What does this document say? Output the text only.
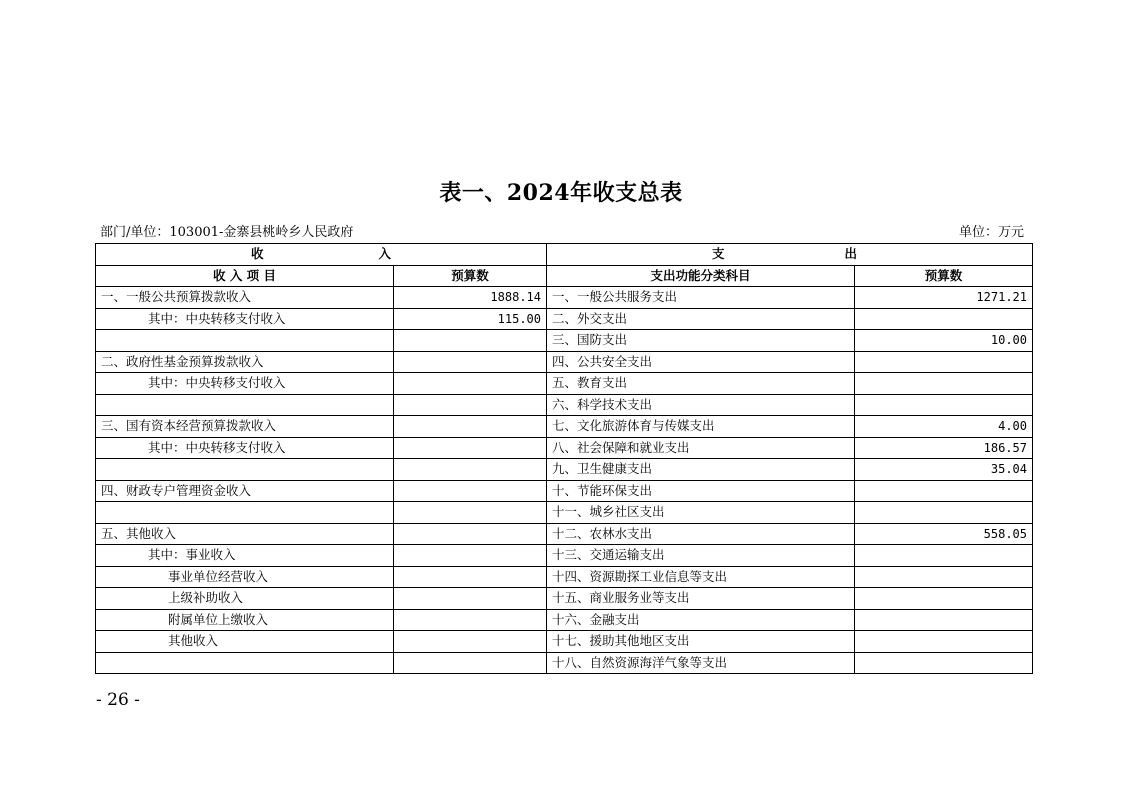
表一、2024年收支总表
部门/单位：103001-金寨县桃岭乡人民政府	单位：万元
收 入		支 出	

收 入 项 目	预算数	支出功能分类科目	预算数
一、一般公共预算拨款收入	1888.14	一、一般公共服务支出	1271.21
其中：中央转移支付收入	115.00	二、外交支出	
		三、国防支出	10.00
二、政府性基金预算拨款收入		四、公共安全支出	
其中：中央转移支付收入		五、教育支出	
		六、科学技术支出	
三、国有资本经营预算拨款收入		七、文化旅游体育与传媒支出	4.00
其中：中央转移支付收入		八、社会保障和就业支出	186.57
		九、卫生健康支出	35.04
四、财政专户管理资金收入		十、节能环保支出	
		十一、城乡社区支出	
五、其他收入		十二、农林水支出	558.05
其中：事业收入		十三、交通运输支出	
事业单位经营收入		十四、资源勘探工业信息等支出	
上级补助收入		十五、商业服务业等支出	
附属单位上缴收入		十六、金融支出	
其他收入		十七、援助其他地区支出	
		十八、自然资源海洋气象等支出	
- 26 -
